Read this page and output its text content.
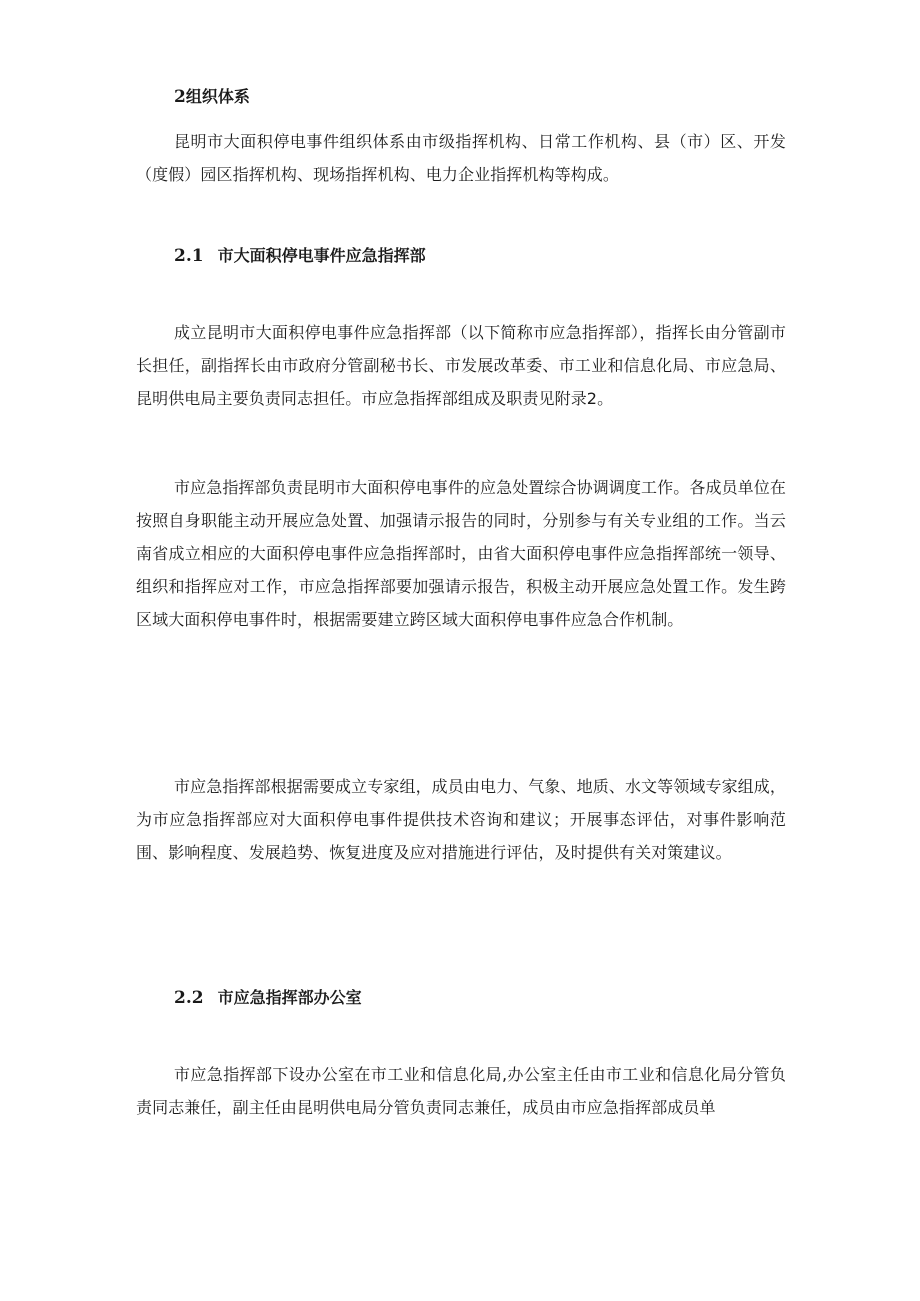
2组织体系

昆明市大面积停电事件组织体系由市级指挥机构、日常工作机构、县（市）区、开发（度假）园区指挥机构、现场指挥机构、电力企业指挥机构等构成。

2.1 市大面积停电事件应急指挥部

成立昆明市大面积停电事件应急指挥部（以下简称市应急指挥部），指挥长由分管副市长担任，副指挥长由市政府分管副秘书长、市发展改革委、市工业和信息化局、市应急局、昆明供电局主要负责同志担任。市应急指挥部组成及职责见附录2。

市应急指挥部负责昆明市大面积停电事件的应急处置综合协调调度工作。各成员单位在按照自身职能主动开展应急处置、加强请示报告的同时，分别参与有关专业组的工作。当云南省成立相应的大面积停电事件应急指挥部时，由省大面积停电事件应急指挥部统一领导、组织和指挥应对工作，市应急指挥部要加强请示报告，积极主动开展应急处置工作。发生跨区域大面积停电事件时，根据需要建立跨区域大面积停电事件应急合作机制。

市应急指挥部根据需要成立专家组，成员由电力、气象、地质、水文等领域专家组成，为市应急指挥部应对大面积停电事件提供技术咨询和建议；开展事态评估，对事件影响范围、影响程度、发展趋势、恢复进度及应对措施进行评估，及时提供有关对策建议。

2.2 市应急指挥部办公室

市应急指挥部下设办公室在市工业和信息化局,办公室主任由市工业和信息化局分管负责同志兼任，副主任由昆明供电局分管负责同志兼任，成员由市应急指挥部成员单
